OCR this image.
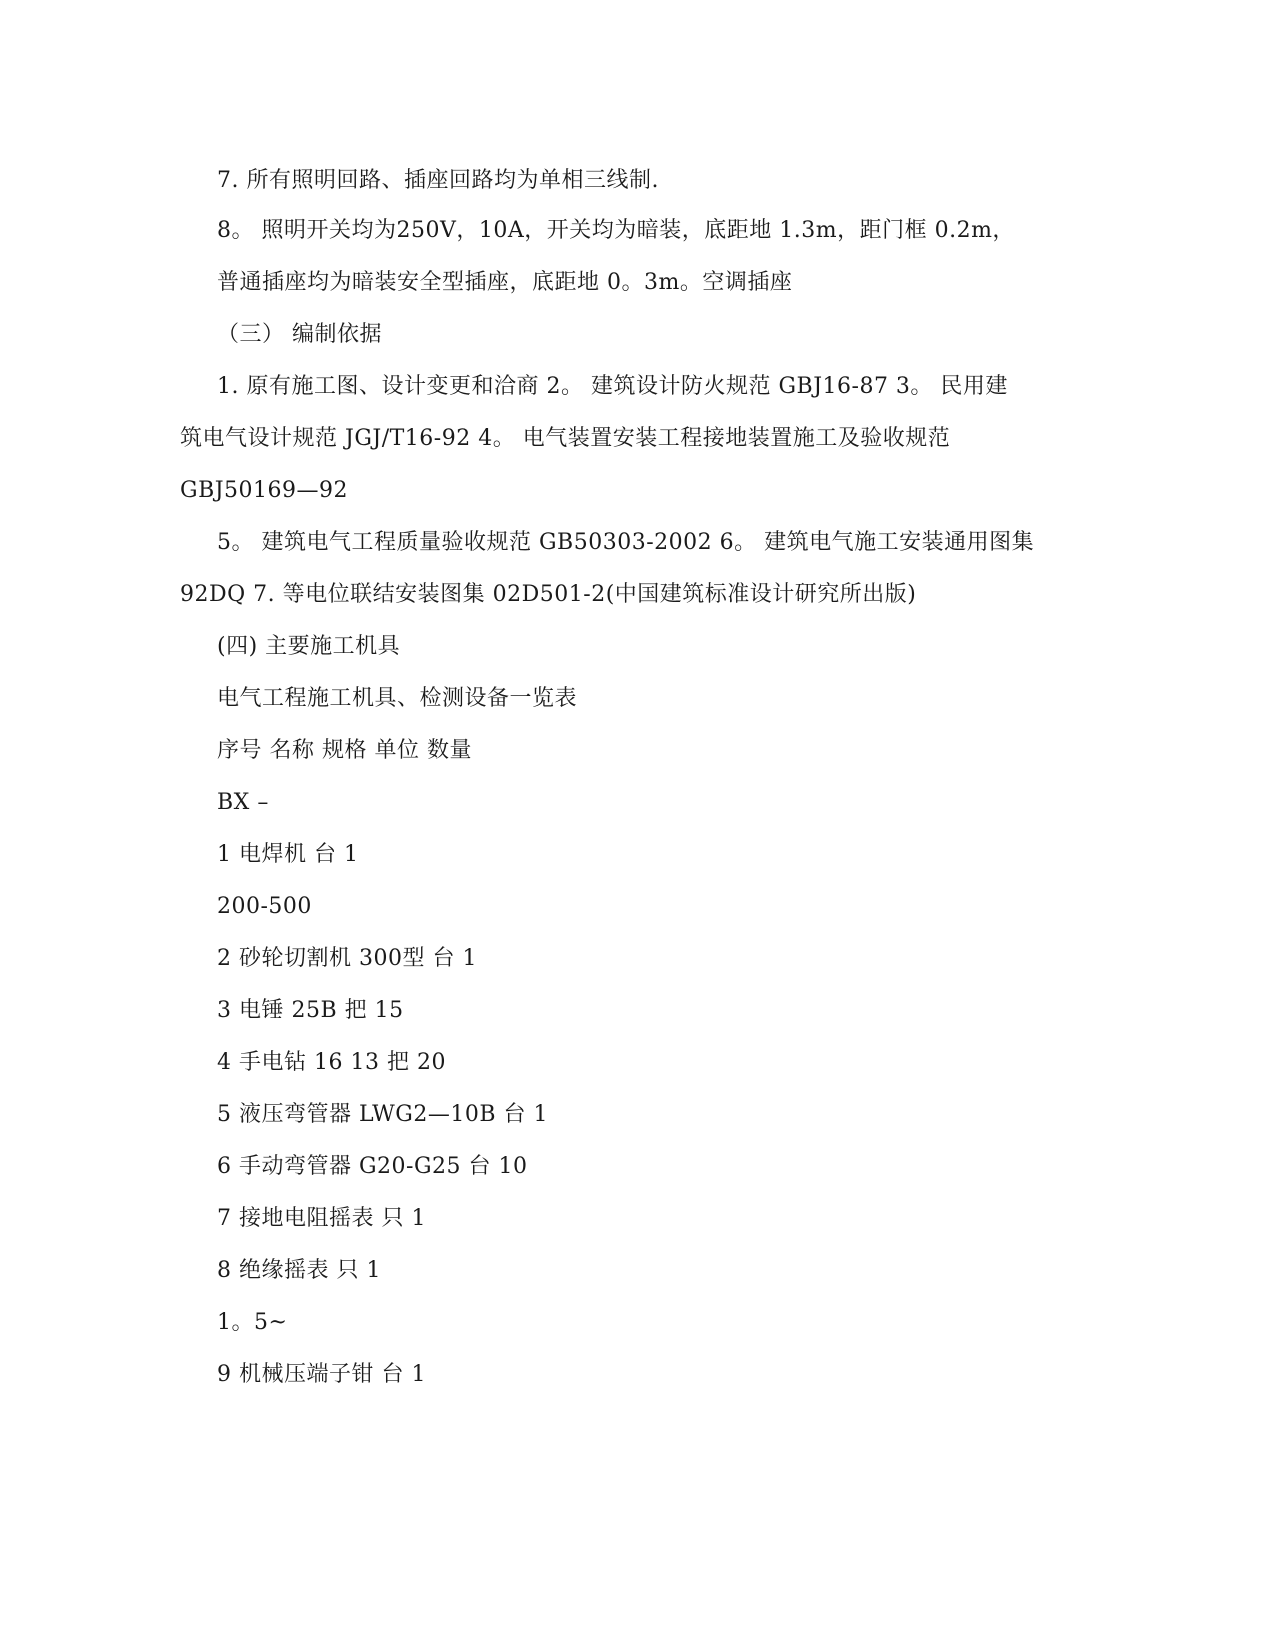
7. 所有照明回路、插座回路均为单相三线制.
8。 照明开关均为250V，10A，开关均为暗装，底距地 1.3m，距门框 0.2m，
普通插座均为暗装安全型插座，底距地 0。3m。空调插座
（三） 编制依据
1. 原有施工图、设计变更和洽商 2。 建筑设计防火规范 GBJ16-87 3。 民用建
筑电气设计规范 JGJ/T16-92 4。 电气装置安装工程接地装置施工及验收规范
GBJ50169—92
5。 建筑电气工程质量验收规范 GB50303-2002 6。 建筑电气施工安装通用图集
92DQ 7. 等电位联结安装图集 02D501-2(中国建筑标准设计研究所出版)
(四) 主要施工机具
电气工程施工机具、检测设备一览表
序号 名称 规格 单位 数量
BX –
1 电焊机 台 1
200-500
2 砂轮切割机 300型 台 1
3 电锤 25B 把 15
4 手电钻 16 13 把 20
5 液压弯管器 LWG2—10B 台 1
6 手动弯管器 G20-G25 台 10
7 接地电阻摇表 只 1
8 绝缘摇表 只 1
1。5~
9 机械压端子钳 台 1
